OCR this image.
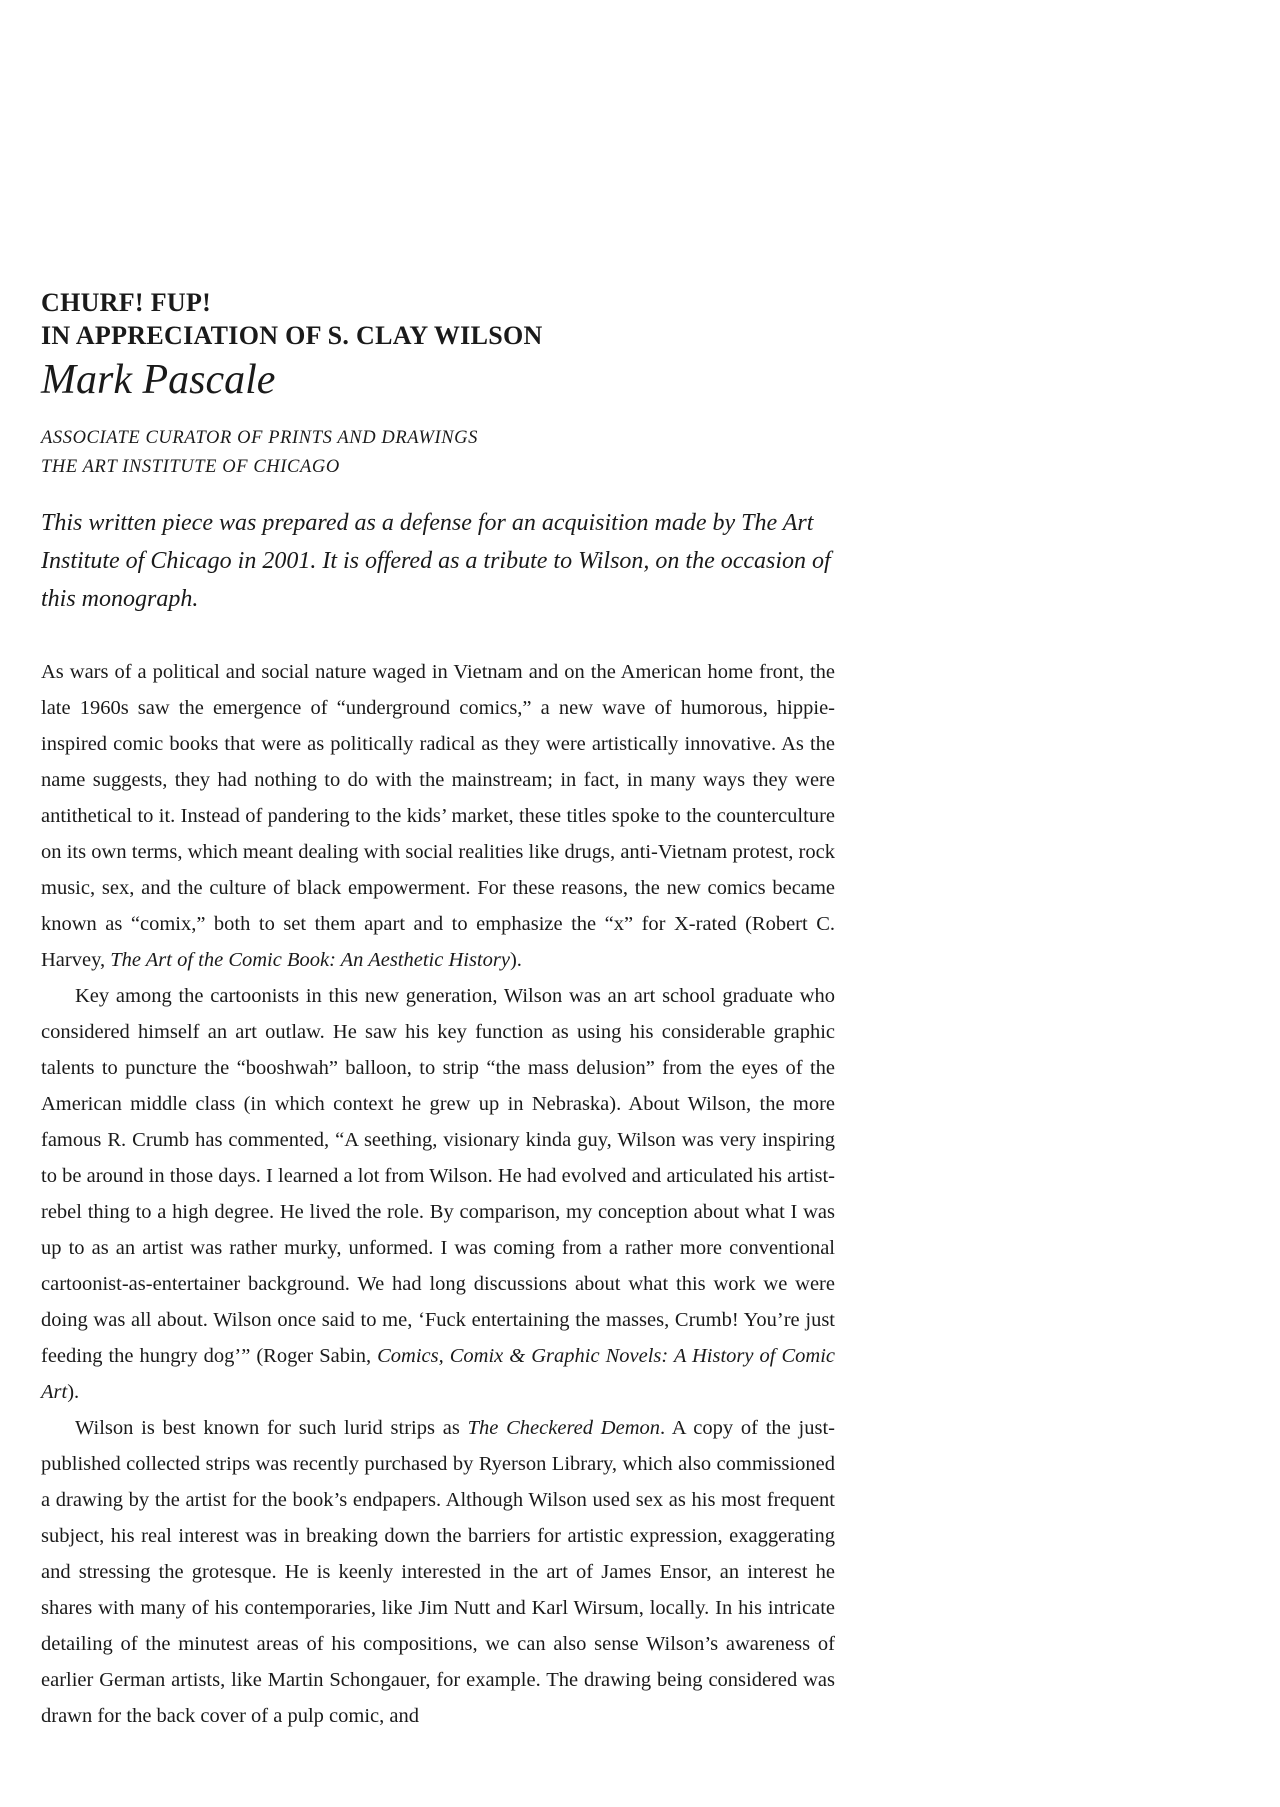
CHURF! FUP!
IN APPRECIATION OF S. CLAY WILSON
Mark Pascale
ASSOCIATE CURATOR OF PRINTS AND DRAWINGS
THE ART INSTITUTE OF CHICAGO
This written piece was prepared as a defense for an acquisition made by The Art Institute of Chicago in 2001. It is offered as a tribute to Wilson, on the occasion of this monograph.

As wars of a political and social nature waged in Vietnam and on the American home front, the late 1960s saw the emergence of “underground comics,” a new wave of humorous, hippie-inspired comic books that were as politically radical as they were artistically innovative. As the name suggests, they had nothing to do with the mainstream; in fact, in many ways they were antithetical to it. Instead of pandering to the kids’ market, these titles spoke to the counterculture on its own terms, which meant dealing with social realities like drugs, anti-Vietnam protest, rock music, sex, and the culture of black empowerment. For these reasons, the new comics became known as “comix,” both to set them apart and to emphasize the “x” for X-rated (Robert C. Harvey, The Art of the Comic Book: An Aesthetic History).

Key among the cartoonists in this new generation, Wilson was an art school graduate who considered himself an art outlaw. He saw his key function as using his considerable graphic talents to puncture the “booshwah” balloon, to strip “the mass delusion” from the eyes of the American middle class (in which context he grew up in Nebraska). About Wilson, the more famous R. Crumb has commented, “A seething, visionary kinda guy, Wilson was very inspiring to be around in those days. I learned a lot from Wilson. He had evolved and articulated his artist-rebel thing to a high degree. He lived the role. By comparison, my conception about what I was up to as an artist was rather murky, unformed. I was coming from a rather more conventional cartoonist-as-entertainer background. We had long discussions about what this work we were doing was all about. Wilson once said to me, ‘Fuck entertaining the masses, Crumb! You’re just feeding the hungry dog’” (Roger Sabin, Comics, Comix & Graphic Novels: A History of Comic Art).

Wilson is best known for such lurid strips as The Checkered Demon. A copy of the just-published collected strips was recently purchased by Ryerson Library, which also commissioned a drawing by the artist for the book’s endpapers. Although Wilson used sex as his most frequent subject, his real interest was in breaking down the barriers for artistic expression, exaggerating and stressing the grotesque. He is keenly interested in the art of James Ensor, an interest he shares with many of his contemporaries, like Jim Nutt and Karl Wirsum, locally. In his intricate detailing of the minutest areas of his compositions, we can also sense Wilson’s awareness of earlier German artists, like Martin Schongauer, for example. The drawing being considered was drawn for the back cover of a pulp comic, and
